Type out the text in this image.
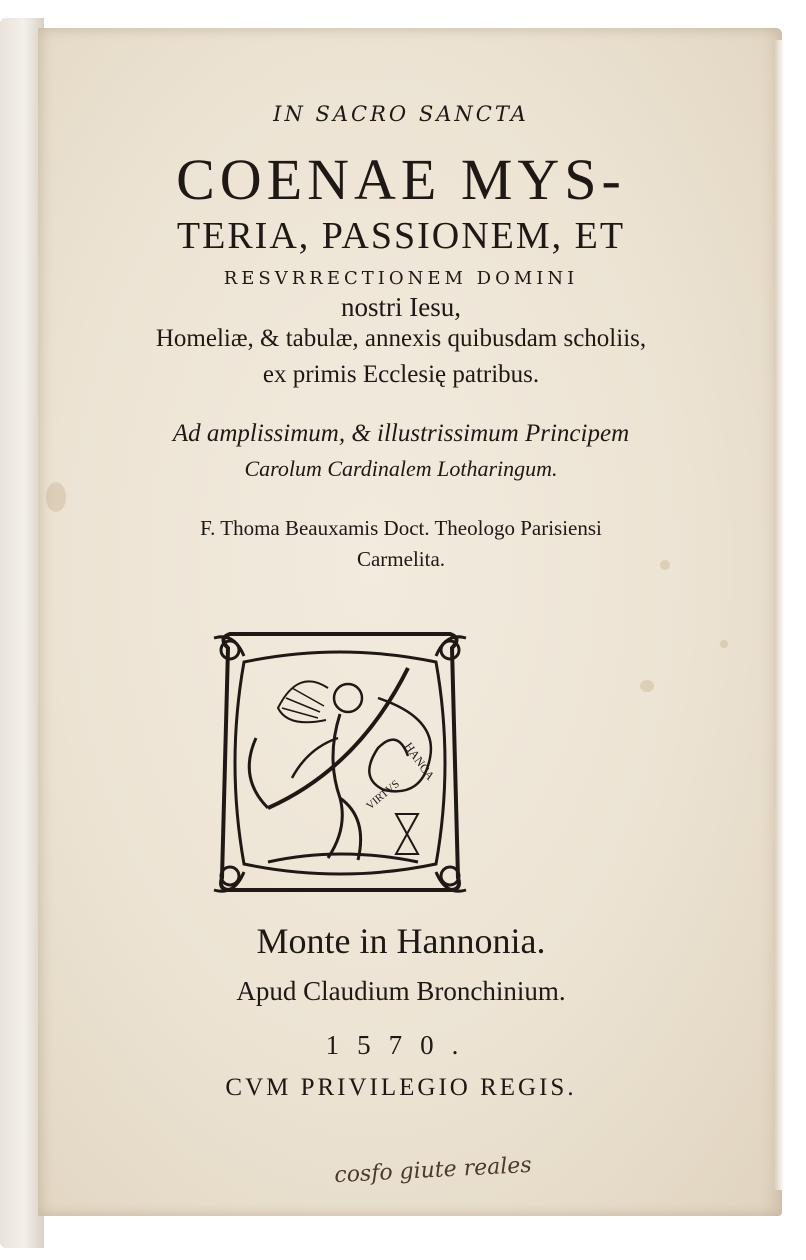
IN SACRO SANCTA
COENAE MYS-
TERIA, PASSIONEM, ET
RESVRRECTIONEM DOMINI
nostri Iesu,
Homeliæ, & tabulæ, annexis quibusdam scholiis,
ex primis Ecclesię patribus.
Ad amplissimum, & illustrissimum Principem
Carolum Cardinalem Lotharingum.
F. Thoma Beauxamis Doct. Theologo Parisiensi
Carmelita.
HANCA
VIRTVS
Monte in Hannonia.
Apud Claudium Bronchinium.
1570.
CVM PRIVILEGIO REGIS.
cosfo giute reales
